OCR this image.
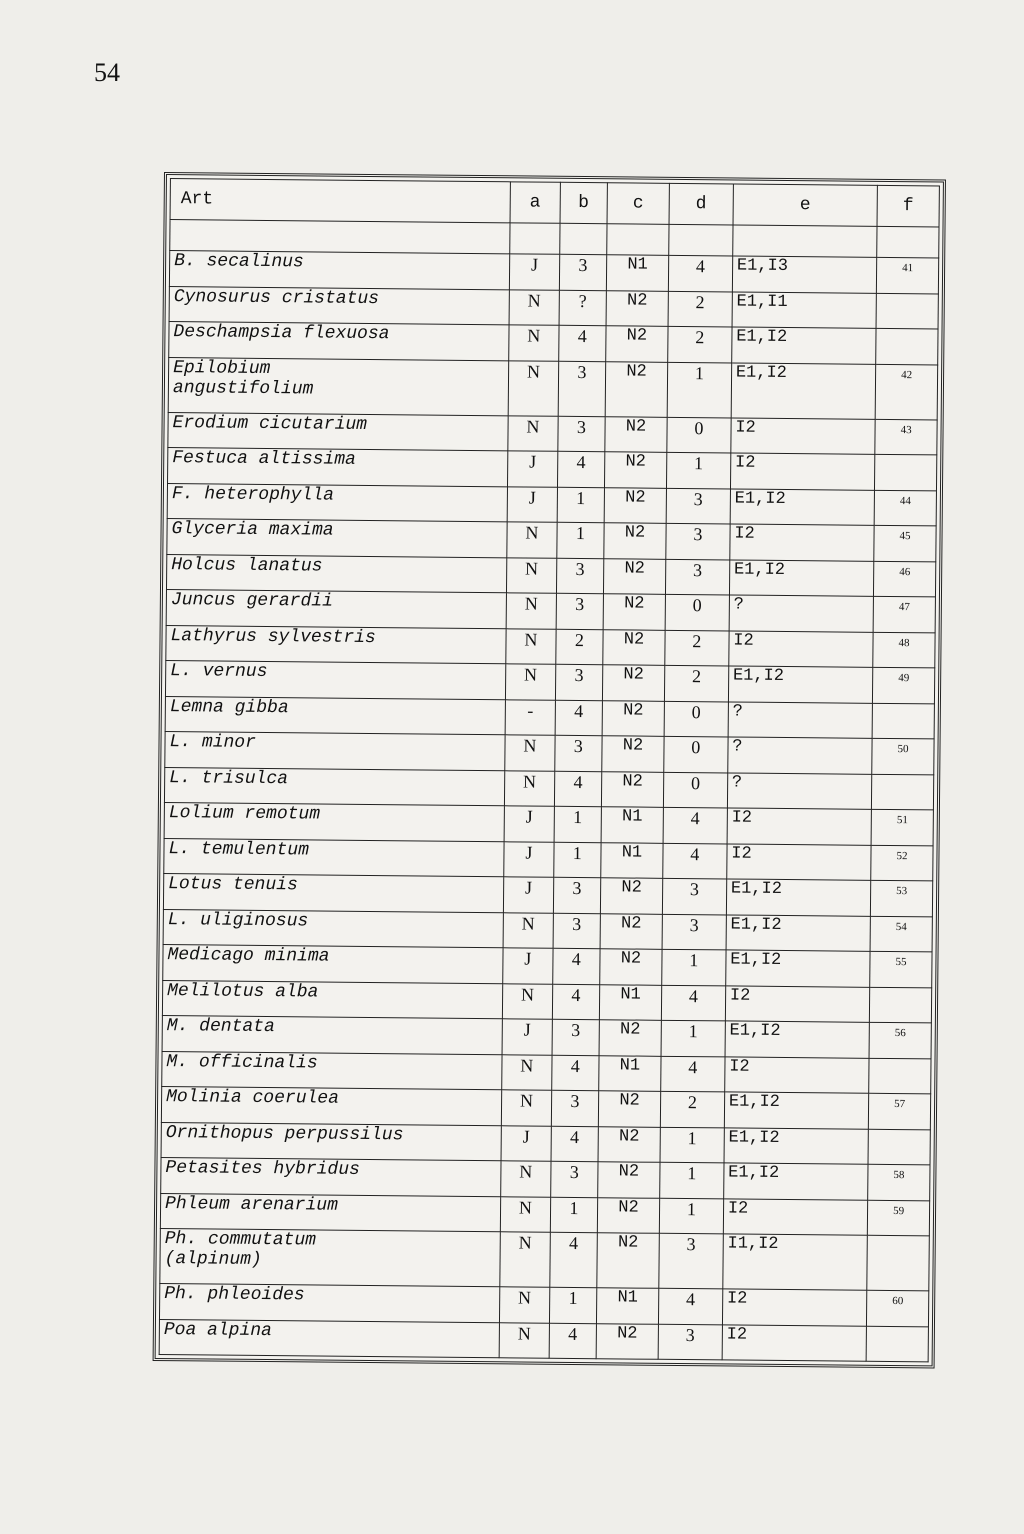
54
Art	a	b	c	d	e	f

B. secalinus	J	3	N1	4	E1,I3	41
Cynosurus cristatus	N	?	N2	2	E1,I1	
Deschampsia flexuosa	N	4	N2	2	E1,I2	
Epilobium
angustifolium	N	3	N2	1	E1,I2	42
Erodium cicutarium	N	3	N2	0	I2	43
Festuca altissima	J	4	N2	1	I2	
F. heterophylla	J	1	N2	3	E1,I2	44
Glyceria maxima	N	1	N2	3	I2	45
Holcus lanatus	N	3	N2	3	E1,I2	46
Juncus gerardii	N	3	N2	0	?	47
Lathyrus sylvestris	N	2	N2	2	I2	48
L. vernus	N	3	N2	2	E1,I2	49
Lemna gibba	-	4	N2	0	?	
L. minor	N	3	N2	0	?	50
L. trisulca	N	4	N2	0	?	
Lolium remotum	J	1	N1	4	I2	51
L. temulentum	J	1	N1	4	I2	52
Lotus tenuis	J	3	N2	3	E1,I2	53
L. uliginosus	N	3	N2	3	E1,I2	54
Medicago minima	J	4	N2	1	E1,I2	55
Melilotus alba	N	4	N1	4	I2	
M. dentata	J	3	N2	1	E1,I2	56
M. officinalis	N	4	N1	4	I2	
Molinia coerulea	N	3	N2	2	E1,I2	57
Ornithopus perpussilus	J	4	N2	1	E1,I2	
Petasites hybridus	N	3	N2	1	E1,I2	58
Phleum arenarium	N	1	N2	1	I2	59
Ph. commutatum
(alpinum)	N	4	N2	3	I1,I2	
Ph. phleoides	N	1	N1	4	I2	60
Poa alpina	N	4	N2	3	I2	
